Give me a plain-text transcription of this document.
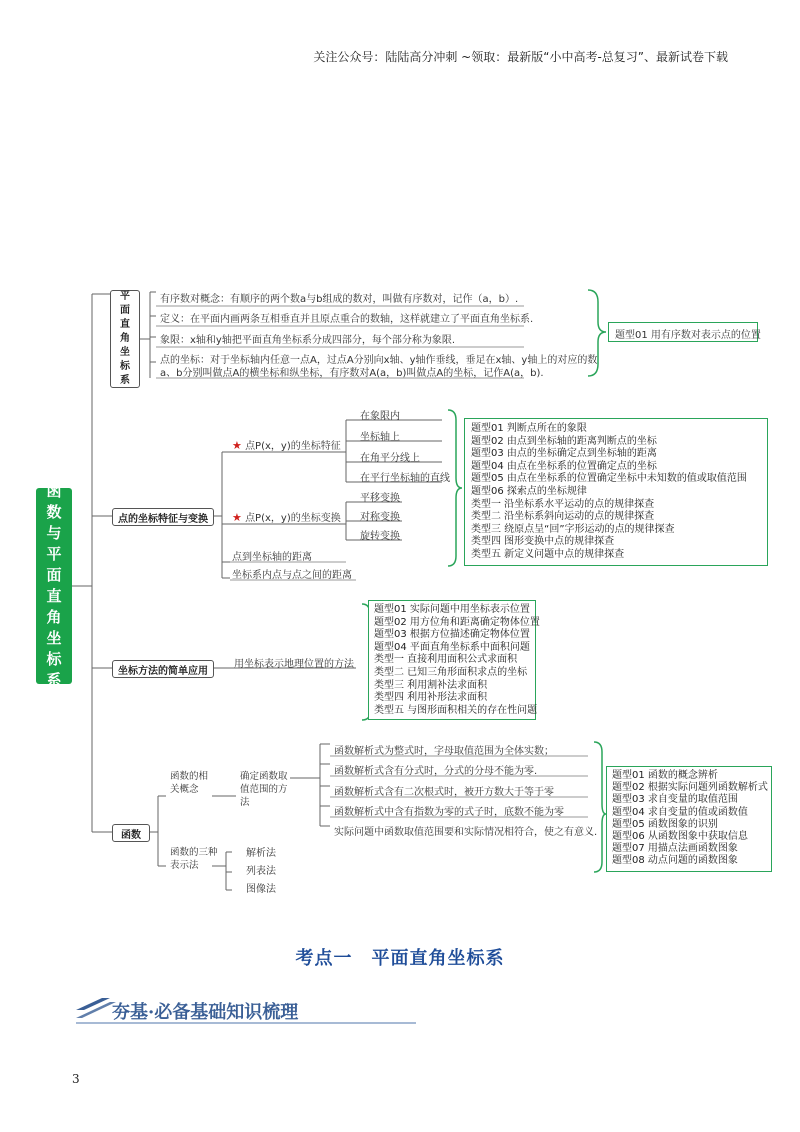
关注公众号：陆陆高分冲刺 ~领取：最新版“小中高考-总复习”、最新试卷下载
函数与平面直角坐标系
平面直角坐标系
有序数对概念：有顺序的两个数a与b组成的数对，叫做有序数对，记作（a，b）.
定义：在平面内画两条互相垂直并且原点重合的数轴，这样就建立了平面直角坐标系.
象限：x轴和y轴把平面直角坐标系分成四部分，每个部分称为象限.
点的坐标：对于坐标轴内任意一点A，过点A分别向x轴、y轴作垂线，垂足在x轴、y轴上的对应的数
a、b分别叫做点A的横坐标和纵坐标，有序数对A(a，b)叫做点A的坐标，记作A(a，b).
题型01 用有序数对表示点的位置
点的坐标特征与变换
★ 点P(x，y)的坐标特征
在象限内
坐标轴上
在角平分线上
在平行坐标轴的直线
★ 点P(x，y)的坐标变换
平移变换
对称变换
旋转变换
点到坐标轴的距离
坐标系内点与点之间的距离
题型01 判断点所在的象限
题型02 由点到坐标轴的距离判断点的坐标
题型03 由点的坐标确定点到坐标轴的距离
题型04 由点在坐标系的位置确定点的坐标
题型05 由点在坐标系的位置确定坐标中未知数的值或取值范围
题型06 探索点的坐标规律
类型一 沿坐标系水平运动的点的规律探查
类型二 沿坐标系斜向运动的点的规律探查
类型三 绕原点呈“回”字形运动的点的规律探查
类型四 图形变换中点的规律探查
类型五 新定义问题中点的规律探查
坐标方法的简单应用
用坐标表示地理位置的方法
题型01 实际问题中用坐标表示位置
题型02 用方位角和距离确定物体位置
题型03 根据方位描述确定物体位置
题型04 平面直角坐标系中面积问题
类型一 直接利用面积公式求面积
类型二 已知三角形面积求点的坐标
类型三 利用割补法求面积
类型四 利用补形法求面积
类型五 与图形面积相关的存在性问题
函数
函数的相关概念
确定函数取值范围的方法
函数解析式为整式时，字母取值范围为全体实数；
函数解析式含有分式时，分式的分母不能为零.
函数解析式含有二次根式时，被开方数大于等于零
函数解析式中含有指数为零的式子时，底数不能为零
实际问题中函数取值范围要和实际情况相符合，使之有意义.
函数的三种表示法
解析法
列表法
图像法
题型01 函数的概念辨析
题型02 根据实际问题列函数解析式
题型03 求自变量的取值范围
题型04 求自变量的值或函数值
题型05 函数图象的识别
题型06 从函数图象中获取信息
题型07 用描点法画函数图象
题型08 动点问题的函数图象
考点一　平面直角坐标系
夯基·必备基础知识梳理
3
